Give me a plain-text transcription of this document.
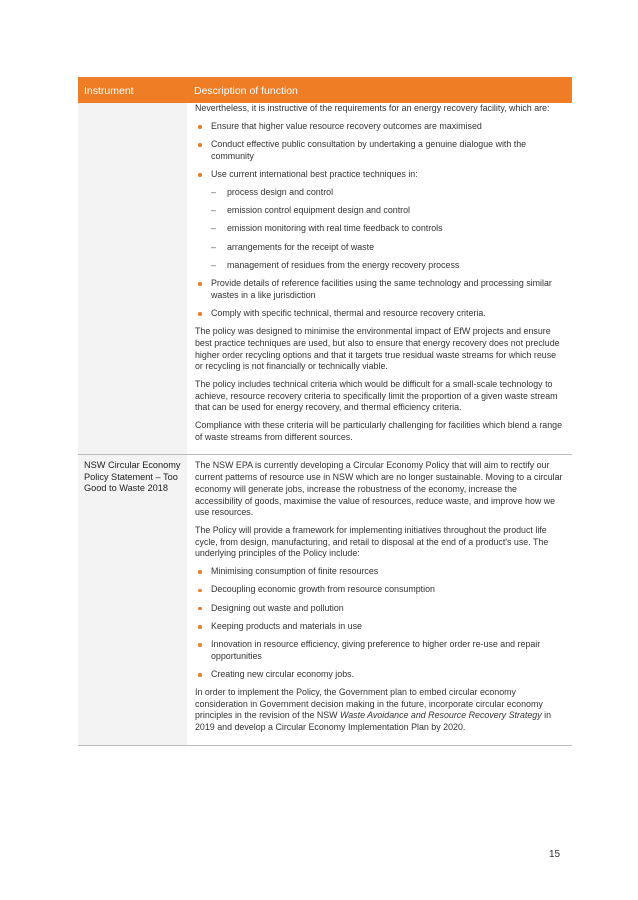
Instrument	Description of function

Nevertheless, it is instructive of the requirements for an energy recovery facility, which are:

Ensure that higher value resource recovery outcomes are maximised
Conduct effective public consultation by undertaking a genuine dialogue with the community
Use current international best practice techniques in:
– process design and control
– emission control equipment design and control
– emission monitoring with real time feedback to controls
– arrangements for the receipt of waste
– management of residues from the energy recovery process
Provide details of reference facilities using the same technology and processing similar wastes in a like jurisdiction
Comply with specific technical, thermal and resource recovery criteria.

The policy was designed to minimise the environmental impact of EfW projects and ensure best practice techniques are used, but also to ensure that energy recovery does not preclude higher order recycling options and that it targets true residual waste streams for which reuse or recycling is not financially or technically viable.

The policy includes technical criteria which would be difficult for a small-scale technology to achieve, resource recovery criteria to specifically limit the proportion of a given waste stream that can be used for energy recovery, and thermal efficiency criteria.

Compliance with these criteria will be particularly challenging for facilities which blend a range of waste streams from different sources.

NSW Circular Economy Policy Statement – Too Good to Waste 2018

The NSW EPA is currently developing a Circular Economy Policy that will aim to rectify our current patterns of resource use in NSW which are no longer sustainable. Moving to a circular economy will generate jobs, increase the robustness of the economy, increase the accessibility of goods, maximise the value of resources, reduce waste, and improve how we use resources.

The Policy will provide a framework for implementing initiatives throughout the product life cycle, from design, manufacturing, and retail to disposal at the end of a product's use. The underlying principles of the Policy include:

Minimising consumption of finite resources
Decoupling economic growth from resource consumption
Designing out waste and pollution
Keeping products and materials in use
Innovation in resource efficiency, giving preference to higher order re-use and repair opportunities
Creating new circular economy jobs.

In order to implement the Policy, the Government plan to embed circular economy consideration in Government decision making in the future, incorporate circular economy principles in the revision of the NSW Waste Avoidance and Resource Recovery Strategy in 2019 and develop a Circular Economy Implementation Plan by 2020.

15
